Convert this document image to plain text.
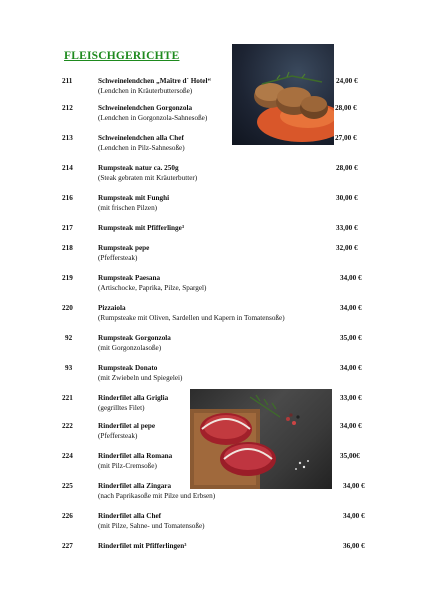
FLEISCHGERICHTE
211	Schweinelendchen „Maître d´ Hotel“
(Lendchen in Kräuterbuttersoße)
24,00 €
212	Schweinelendchen Gorgonzola
(Lendchen in Gorgonzola-Sahnesoße)
28,00 €
213	Schweinelendchen alla Chef
(Lendchen in Pilz-Sahnesoße)
27,00 €
214	Rumpsteak natur ca. 250g
(Steak gebraten mit Kräuterbutter)
28,00 €
216	Rumpsteak mit Funghi
(mit frischen Pilzen)
30,00 €
217	Rumpsteak mit Pfifferlinge³	33,00 €
218	Rumpsteak pepe
(Pfeffersteak)
32,00 €
219	Rumpsteak Paesana
(Artischocke, Paprika, Pilze, Spargel)
34,00 €
220	Pizzaiola
(Rumpsteake mit Oliven, Sardellen und Kapern in Tomatensoße)
34,00 €
92	Rumpsteak Gorgonzola
(mit Gorgonzolasoße)
35,00 €
93	Rumpsteak Donato
(mit Zwiebeln und Spiegelei)
34,00 €
221	Rinderfilet alla Griglia
(gegrilltes Filet)
33,00 €
222	Rinderfilet al pepe
(Pfeffersteak)
34,00 €
224	Rinderfilet alla Romana
(mit Pilz-Cremsoße)
35,00€
225	Rinderfilet alla Zingara
(nach Paprikasoße mit Pilze und Erbsen)
34,00 €
226	Rinderfilet alla Chef
(mit Pilze, Sahne- und Tomatensoße)
34,00 €
227	Rinderfilet mit Pfifferlingen³	36,00 €
